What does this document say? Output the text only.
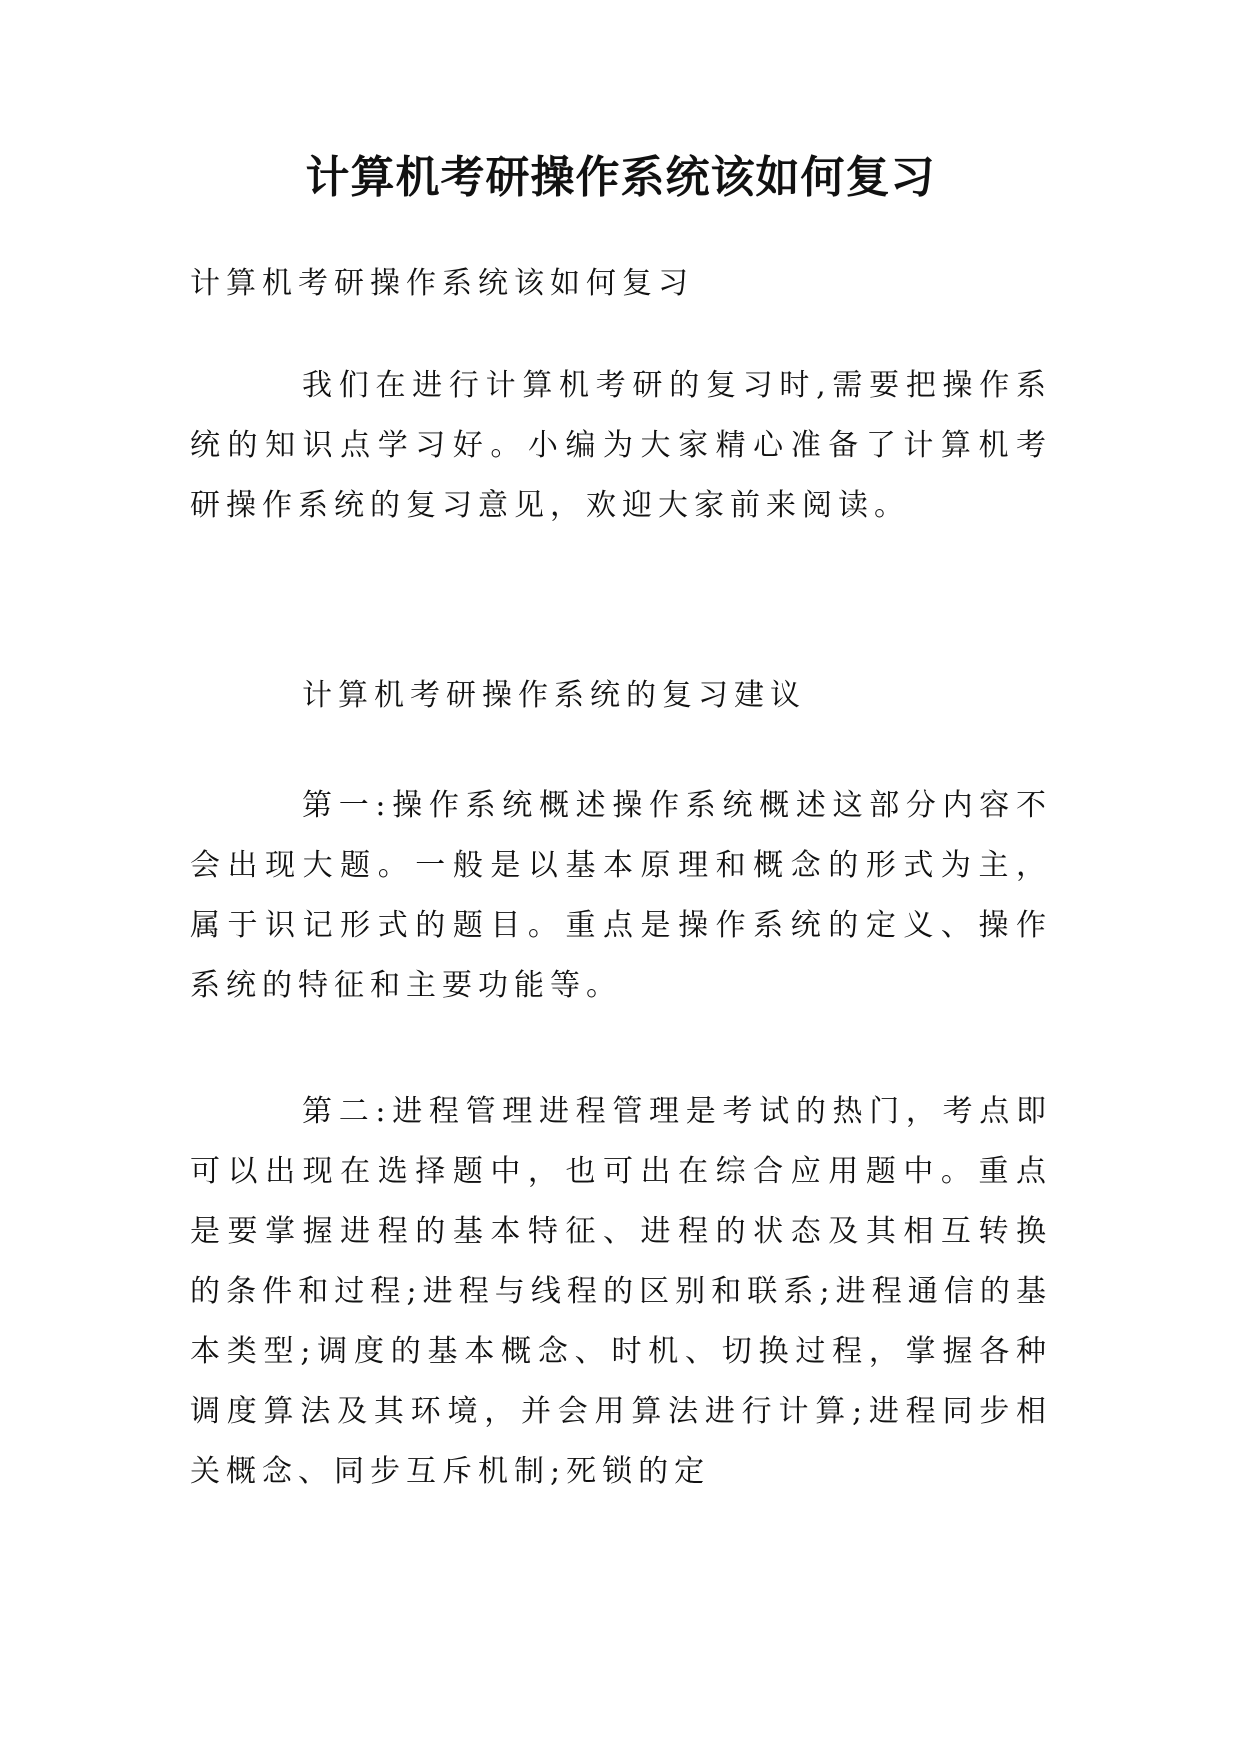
计算机考研操作系统该如何复习

计算机考研操作系统该如何复习

我们在进行计算机考研的复习时,需要把操作系统的知识点学习好。小编为大家精心准备了计算机考研操作系统的复习意见，欢迎大家前来阅读。

计算机考研操作系统的复习建议

第一:操作系统概述操作系统概述这部分内容不会出现大题。一般是以基本原理和概念的形式为主，属于识记形式的题目。重点是操作系统的定义、操作系统的特征和主要功能等。

第二:进程管理进程管理是考试的热门，考点即可以出现在选择题中，也可出在综合应用题中。重点是要掌握进程的基本特征、进程的状态及其相互转换的条件和过程;进程与线程的区别和联系;进程通信的基本类型;调度的基本概念、时机、切换过程，掌握各种调度算法及其环境，并会用算法进行计算;进程同步相关概念、同步互斥机制;死锁的定
